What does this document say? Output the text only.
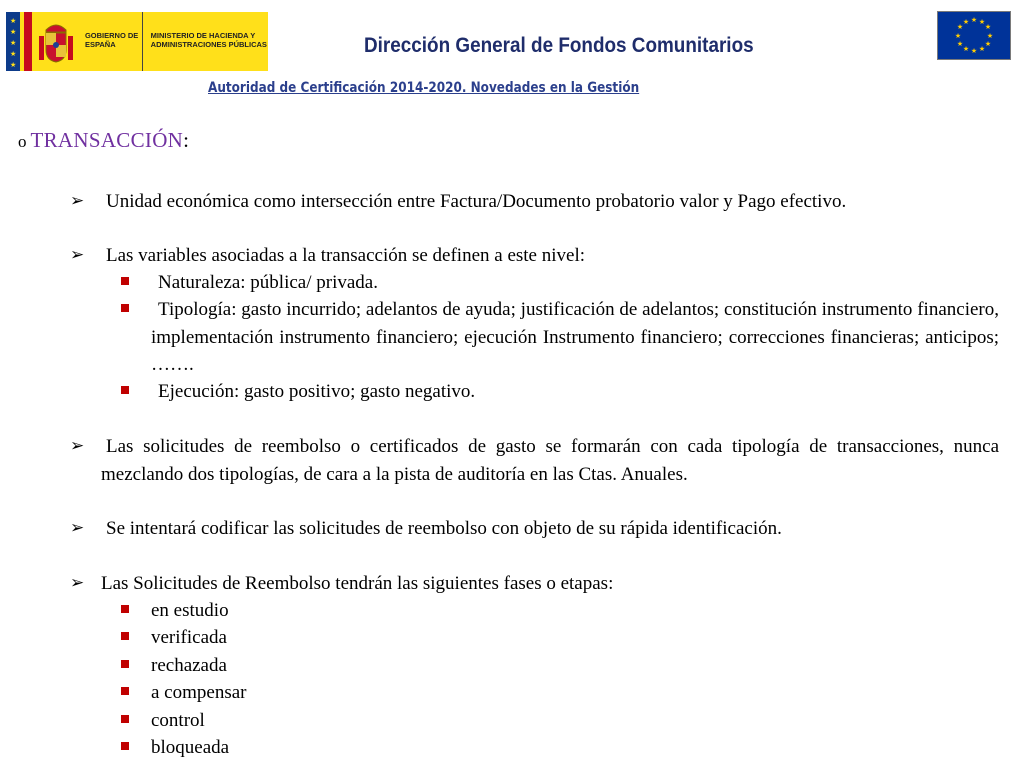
★
★
★
★
★
GOBIERNO DE ESPAÑA
MINISTERIO DE HACIENDA Y ADMINISTRACIONES PÚBLICAS
★ ★
★
★
★
★
★
★
★
★
★
★
Dirección General de Fondos Comunitarios
Autoridad de Certificación 2014-2020. Novedades en la Gestión
o TRANSACCIÓN:
➢ Unidad económica como intersección entre Factura/Documento probatorio valor y Pago efectivo.
➢ Las variables asociadas a la transacción se definen a este nivel:
Naturaleza: pública/ privada.
Tipología: gasto incurrido; adelantos de ayuda; justificación de adelantos; constitución instrumento financiero, implementación instrumento financiero; ejecución Instrumento financiero; correcciones financieras; anticipos; …….
Ejecución: gasto positivo; gasto negativo.
➢ Las solicitudes de reembolso o certificados de gasto se formarán con cada tipología de transacciones, nunca mezclando dos tipologías, de cara a la pista de auditoría en las Ctas. Anuales.
➢ Se intentará codificar las solicitudes de reembolso con objeto de su rápida identificación.
➢ Las Solicitudes de Reembolso tendrán las siguientes fases o etapas:
en estudio
verificada
rechazada
a compensar
control
bloqueada
